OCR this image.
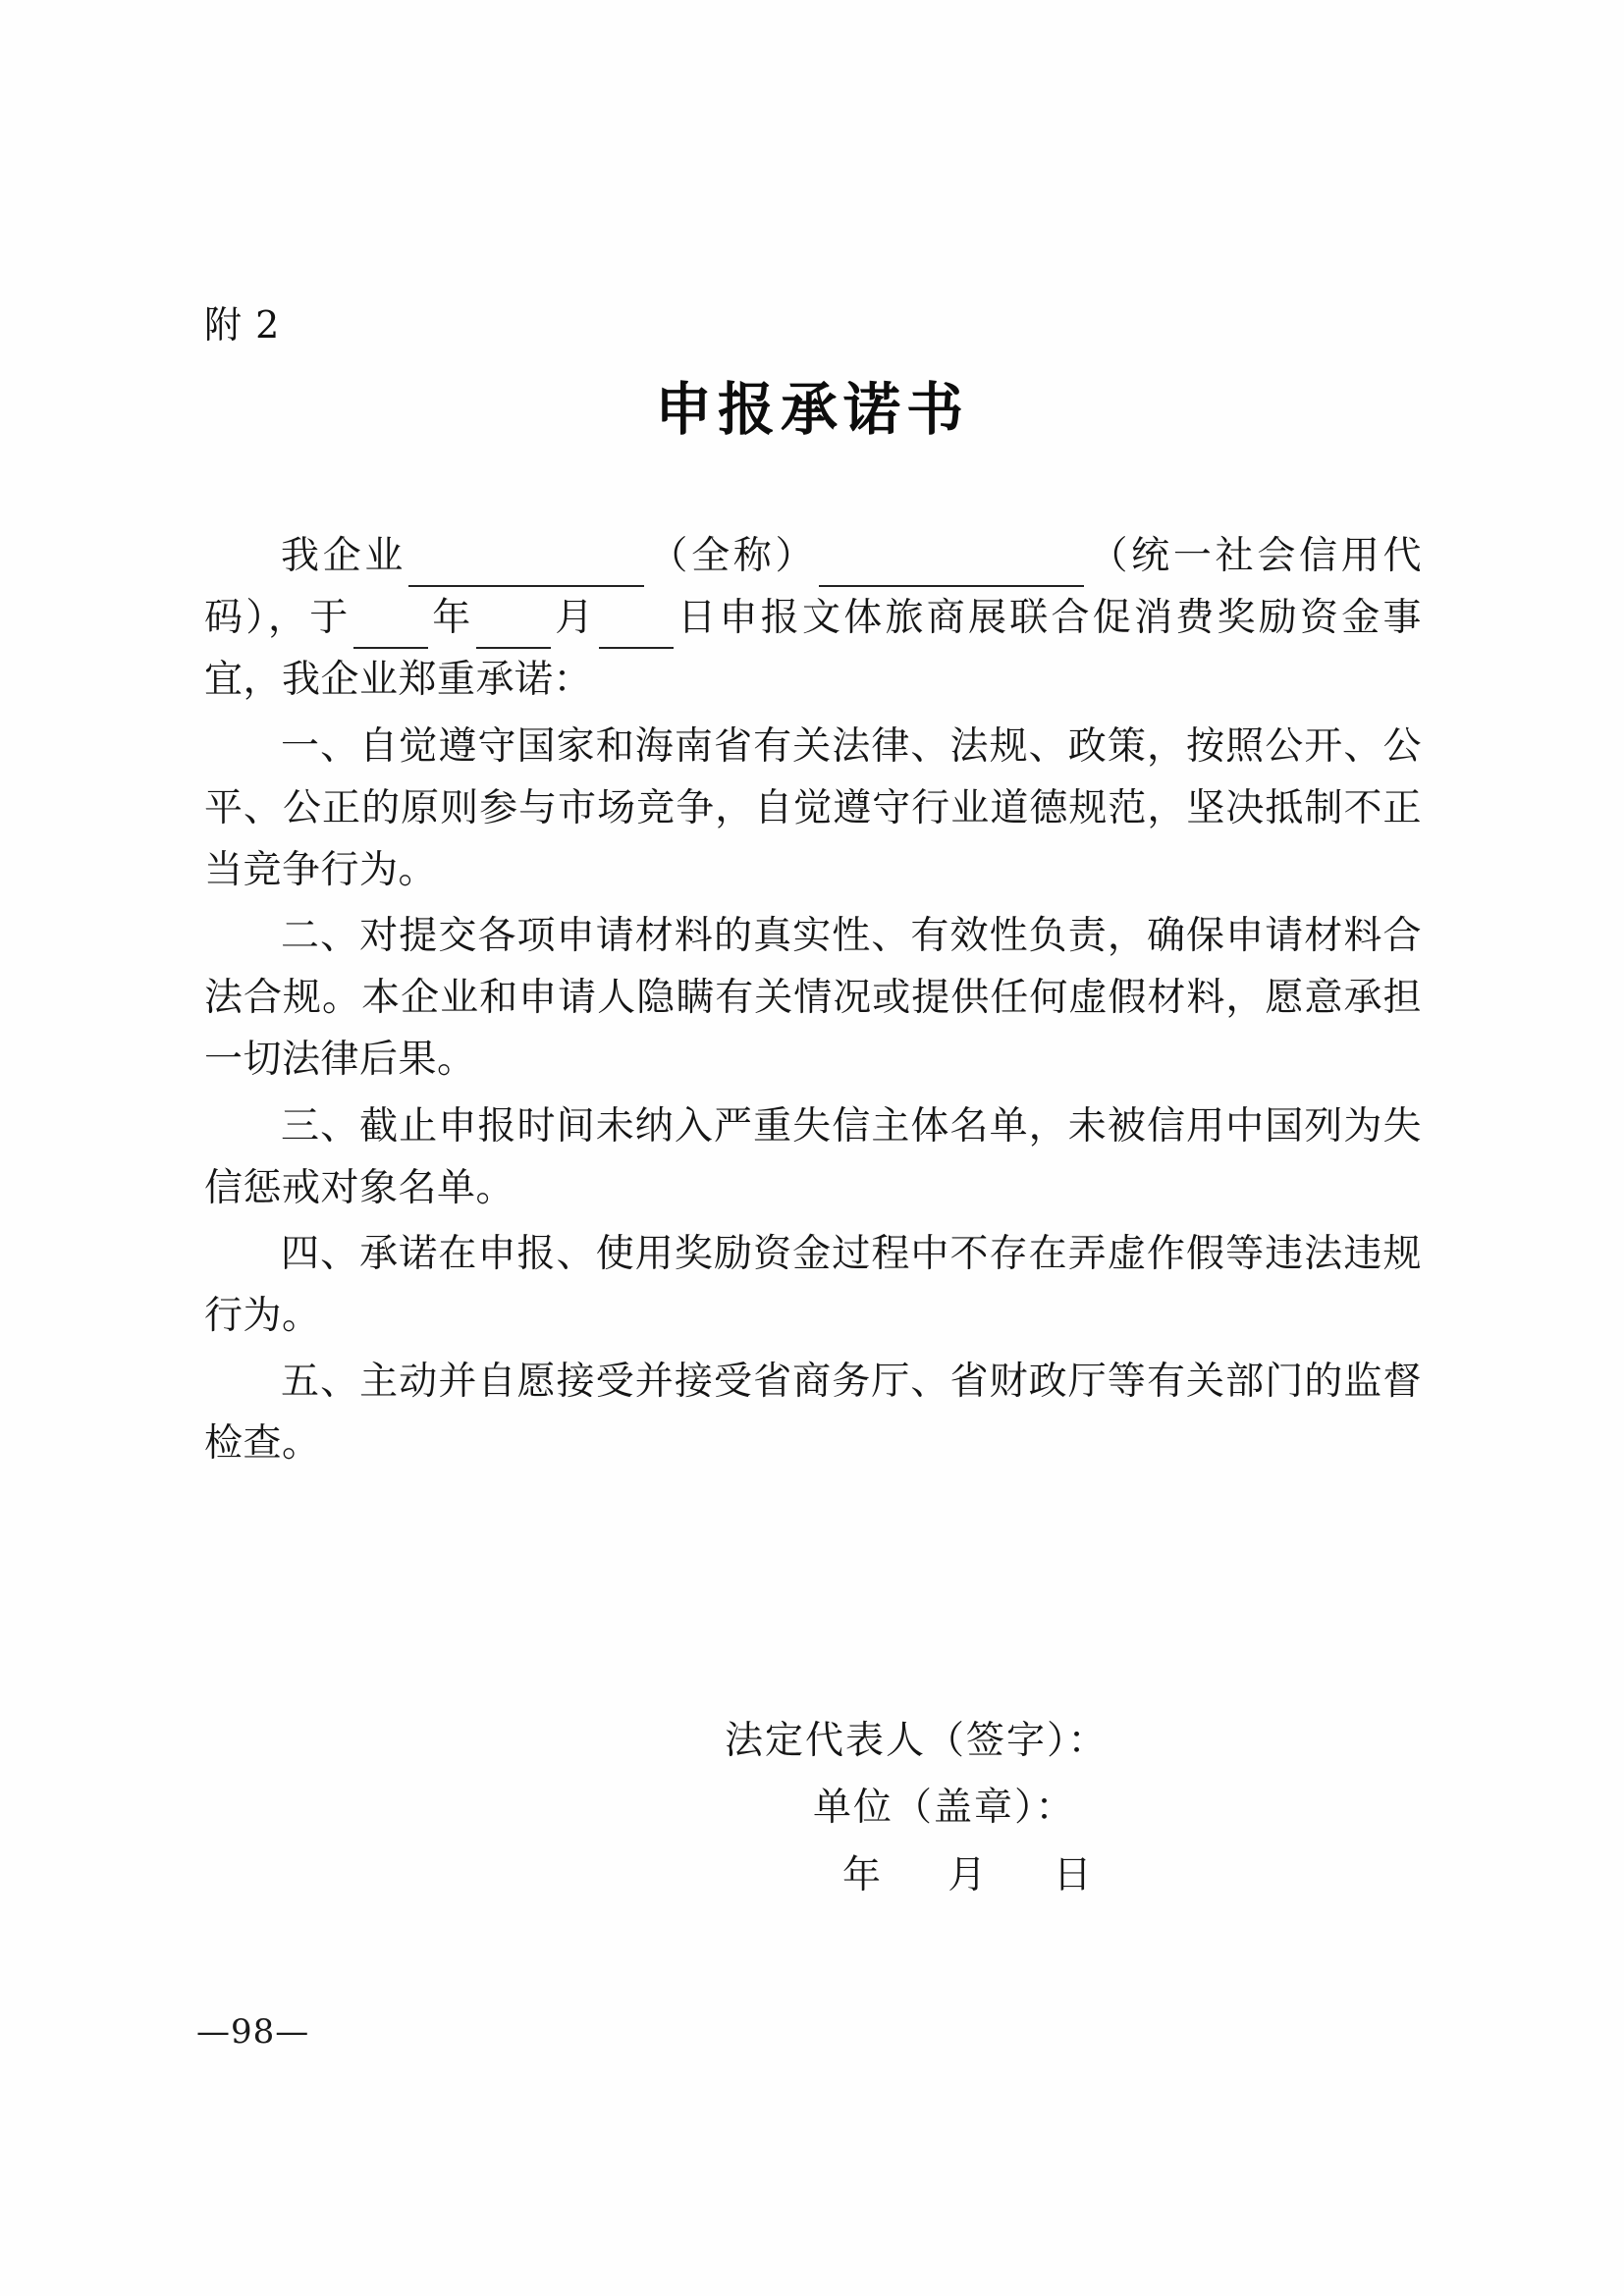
附 2
申报承诺书

我企业	（全称）	（统一社会信用代码），于 年 月 日申报文体旅商展联合促消费奖励资金事宜，我企业郑重承诺：

一、自觉遵守国家和海南省有关法律、法规、政策，按照公开、公平、公正的原则参与市场竞争，自觉遵守行业道德规范，坚决抵制不正当竞争行为。

二、对提交各项申请材料的真实性、有效性负责，确保申请材料合法合规。本企业和申请人隐瞒有关情况或提供任何虚假材料，愿意承担一切法律后果。

三、截止申报时间未纳入严重失信主体名单，未被信用中国列为失信惩戒对象名单。

四、承诺在申报、使用奖励资金过程中不存在弄虚作假等违法违规行为。

五、主动并自愿接受并接受省商务厅、省财政厅等有关部门的监督检查。

法定代表人（签字）：
单位（盖章）：
年 月 日
—98—
